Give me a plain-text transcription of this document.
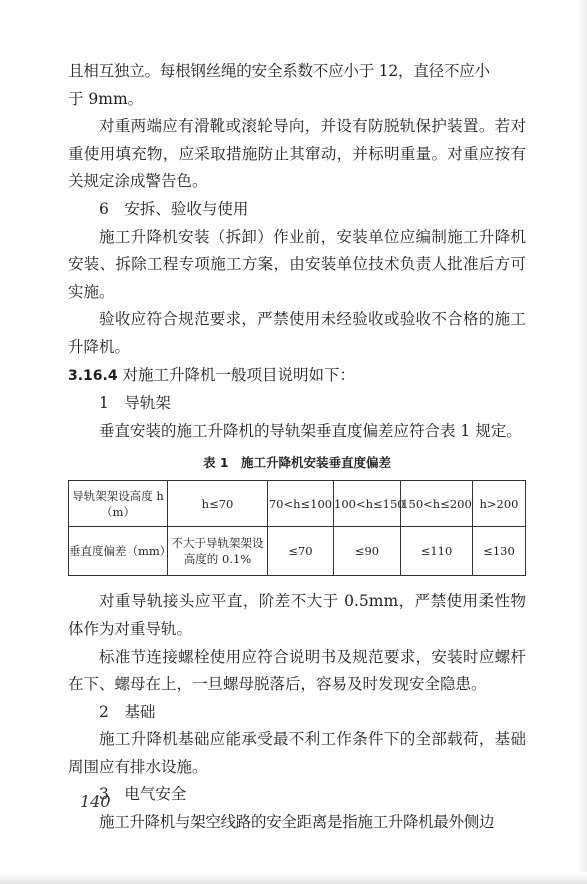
且相互独立。每根钢丝绳的安全系数不应小于 12，直径不应小

于 9mm。

对重两端应有滑靴或滚轮导向，并设有防脱轨保护装置。若对重使用填充物，应采取措施防止其窜动，并标明重量。对重应按有关规定涂成警告色。

6　安拆、验收与使用

施工升降机安装（拆卸）作业前，安装单位应编制施工升降机安装、拆除工程专项施工方案，由安装单位技术负责人批准后方可实施。

验收应符合规范要求，严禁使用未经验收或验收不合格的施工升降机。

3.16.4 对施工升降机一般项目说明如下：

1　导轨架

垂直安装的施工升降机的导轨架垂直度偏差应符合表 1 规定。

表 1　施工升降机安装垂直度偏差
导轨架架设高度 h（m）	h≤70	70<h≤100	100<h≤150	150<h≤200	h>200
垂直度偏差（mm）	不大于导轨架架设高度的 0.1%	≤70	≤90	≤110	≤130

对重导轨接头应平直，阶差不大于 0.5mm，严禁使用柔性物体作为对重导轨。

标准节连接螺栓使用应符合说明书及规范要求，安装时应螺杆在下、螺母在上，一旦螺母脱落后，容易及时发现安全隐患。

2　基础

施工升降机基础应能承受最不利工作条件下的全部载荷，基础周围应有排水设施。

3　电气安全

施工升降机与架空线路的安全距离是指施工升降机最外侧边

140
